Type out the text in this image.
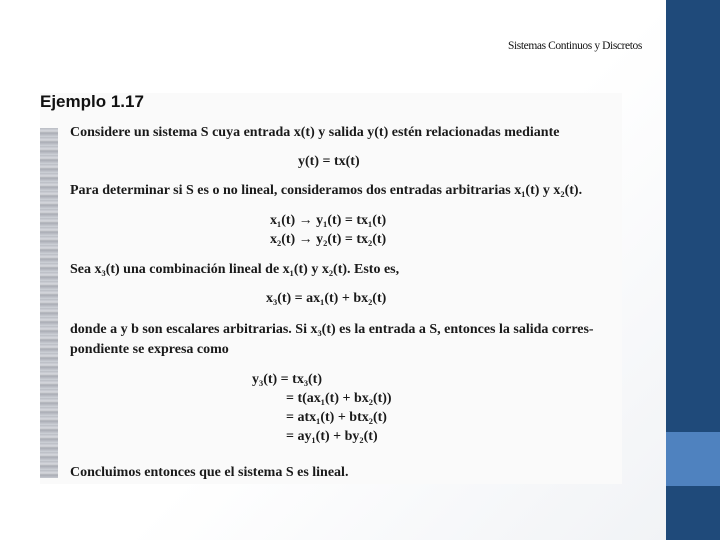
Sistemas Continuos y Discretos
Ejemplo 1.17
Considere un sistema S cuya entrada x(t) y salida y(t) estén relacionadas mediante
y(t) = tx(t)
Para determinar si S es o no lineal, consideramos dos entradas arbitrarias x₁(t) y x₂(t).
x₁(t) → y₁(t) = tx₁(t)
x₂(t) → y₂(t) = tx₂(t)
Sea x₃(t) una combinación lineal de x₁(t) y x₂(t). Esto es,
x₃(t) = ax₁(t) + bx₂(t)
donde a y b son escalares arbitrarias. Si x₃(t) es la entrada a S, entonces la salida corres-
pondiente se expresa como
y₃(t) = tx₃(t)
= t(ax₁(t) + bx₂(t))
= atx₁(t) + btx₂(t)
= ay₁(t) + by₂(t)
Concluimos entonces que el sistema S es lineal.
